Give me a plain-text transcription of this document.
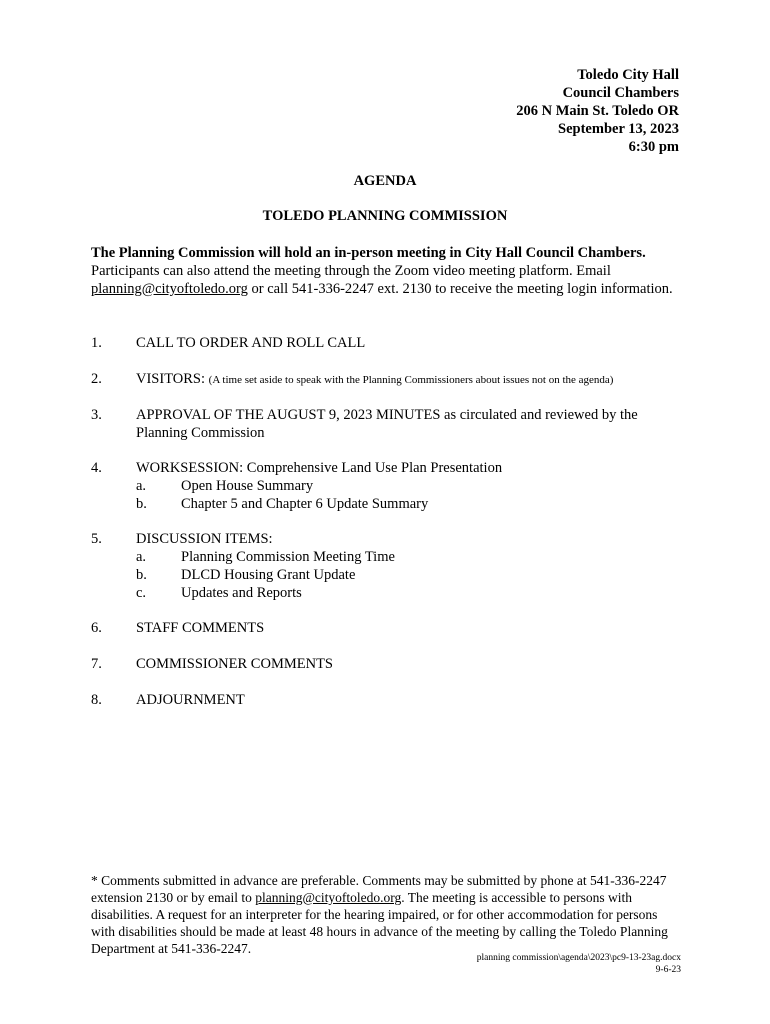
Toledo City Hall
Council Chambers
206 N Main St. Toledo OR
September 13, 2023
6:30 pm
AGENDA
TOLEDO PLANNING COMMISSION
The Planning Commission will hold an in-person meeting in City Hall Council Chambers. Participants can also attend the meeting through the Zoom video meeting platform. Email planning@cityoftoledo.org or call 541-336-2247 ext. 2130 to receive the meeting login information.
1. CALL TO ORDER AND ROLL CALL
2. VISITORS: (A time set aside to speak with the Planning Commissioners about issues not on the agenda)
3. APPROVAL OF THE AUGUST 9, 2023 MINUTES as circulated and reviewed by the Planning Commission
4. WORKSESSION: Comprehensive Land Use Plan Presentation
a. Open House Summary
b. Chapter 5 and Chapter 6 Update Summary
5. DISCUSSION ITEMS:
a. Planning Commission Meeting Time
b. DLCD Housing Grant Update
c. Updates and Reports
6. STAFF COMMENTS
7. COMMISSIONER COMMENTS
8. ADJOURNMENT
* Comments submitted in advance are preferable. Comments may be submitted by phone at 541-336-2247 extension 2130 or by email to planning@cityoftoledo.org. The meeting is accessible to persons with disabilities. A request for an interpreter for the hearing impaired, or for other accommodation for persons with disabilities should be made at least 48 hours in advance of the meeting by calling the Toledo Planning Department at 541-336-2247.
planning commission\agenda\2023\pc9-13-23ag.docx
9-6-23
